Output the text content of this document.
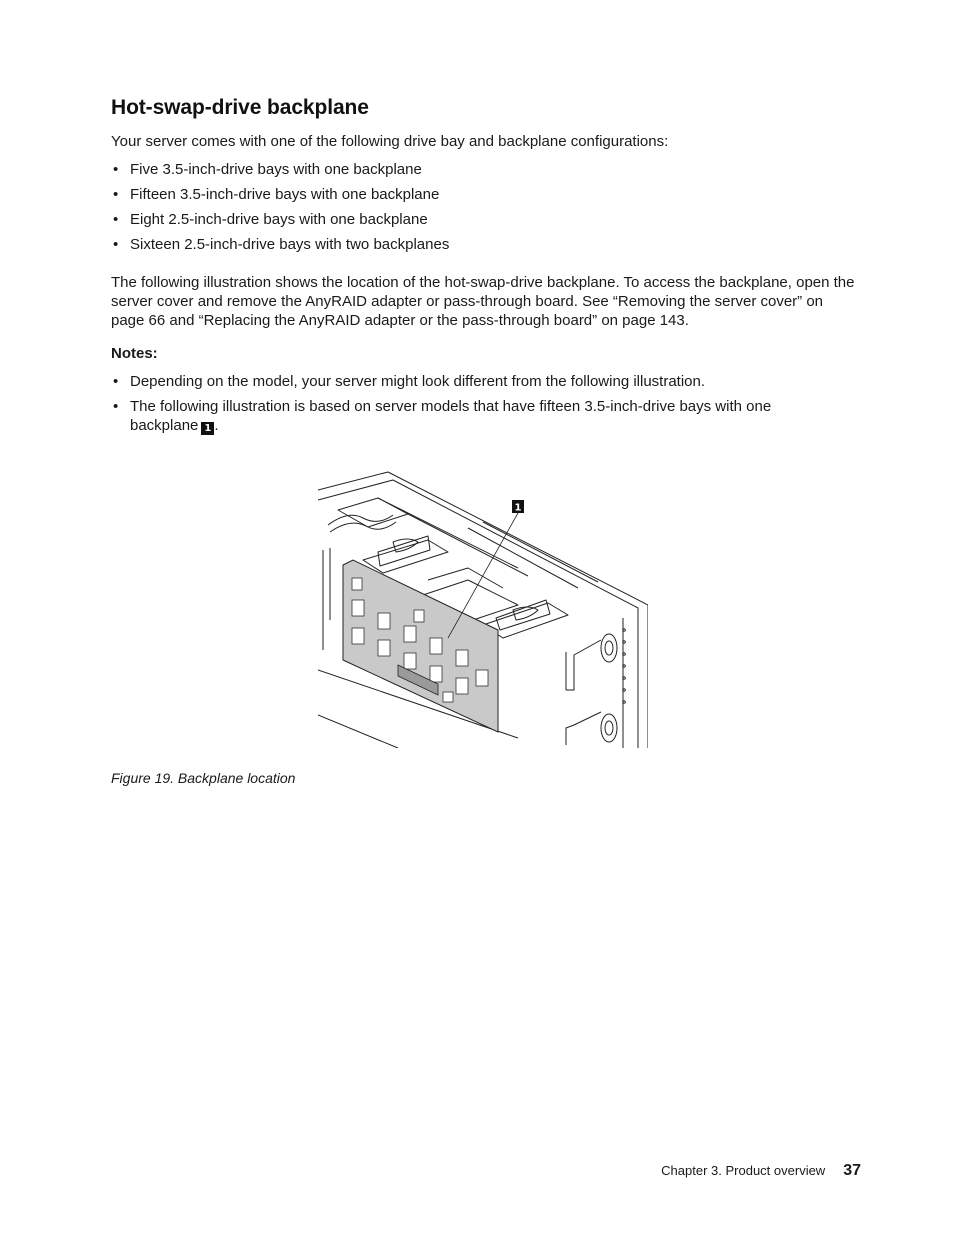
Hot-swap-drive backplane

Your server comes with one of the following drive bay and backplane configurations:

• Five 3.5-inch-drive bays with one backplane
• Fifteen 3.5-inch-drive bays with one backplane
• Eight 2.5-inch-drive bays with one backplane
• Sixteen 2.5-inch-drive bays with two backplanes

The following illustration shows the location of the hot-swap-drive backplane. To access the backplane, open the server cover and remove the AnyRAID adapter or pass-through board. See “Removing the server cover” on page 66 and “Replacing the AnyRAID adapter or the pass-through board” on page 143.

Notes:

• Depending on the model, your server might look different from the following illustration.
• The following illustration is based on server models that have fifteen 3.5-inch-drive bays with one backplane 1 .
1

Figure 19. Backplane location

Chapter 3. Product overview 37
